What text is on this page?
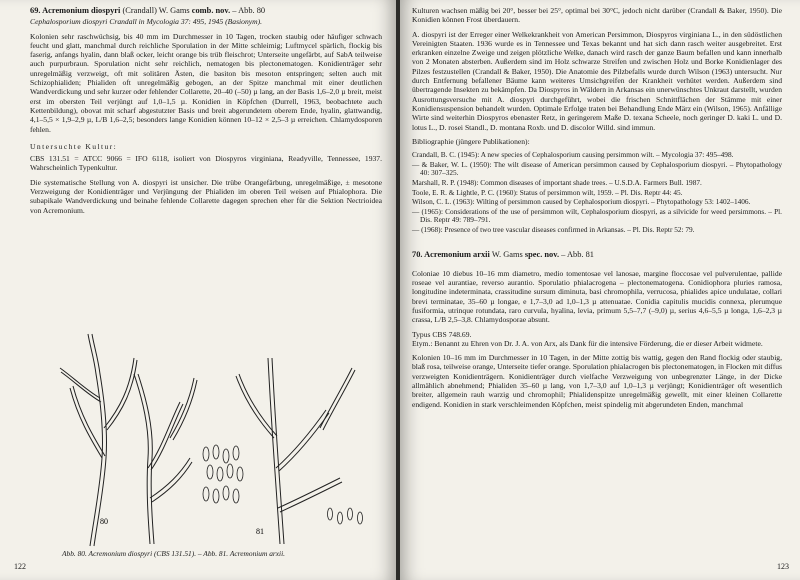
69. Acremonium diospyri (Crandall) W. Gams comb. nov. – Abb. 80
Cephalosporium diospyri Crandall in Mycologia 37: 495, 1945 (Basionym).
Kolonien sehr raschwüchsig, bis 40 mm im Durchmesser in 10 Tagen, trocken staubig oder häufiger schwach feucht und glatt, manchmal durch reichliche Sporulation in der Mitte schleimig; Luftmycel spärlich, flockig bis faserig, anfangs hyalin, dann blaß ocker, leicht orange bis trüb fleischrot; Unterseite ungefärbt, auf SabA teilweise auch purpurbraun. Sporulation nicht sehr reichlich, nematogen bis plectonematogen. Konidienträger sehr unregelmäßig verzweigt, oft mit solitären Ästen, die basiton bis mesoton entspringen; selten auch mit Schizophialiden; Phialiden oft unregelmäßig gebogen, an der Spitze manchmal mit einer deutlichen Wandverdickung und sehr kurzer oder fehlender Collarette, 20–40 (–50) µ lang, an der Basis 1,6–2,0 µ breit, meist erst im obersten Teil verjüngt auf 1,0–1,5 µ. Konidien in Köpfchen (Durrell, 1963, beobachtete auch Kettenbildung), obovat mit scharf abgestutzter Basis und breit abgerundetem oberem Ende, hyalin, glattwandig, 4,1–5,5 × 1,9–2,9 µ, L/B 1,6–2,5; besonders lange Konidien können 10–12 × 2,5–3 µ erreichen. Chlamydosporen fehlen.
Untersuchte Kultur:
CBS 131.51 = ATCC 9066 = IFO 6118, isoliert von Diospyros virginiana, Readyville, Tennessee, 1937. Wahrscheinlich Typenkultur.
Die systematische Stellung von A. diospyri ist unsicher. Die trübe Orangefärbung, unregelmäßige, ± mesotone Verzweigung der Konidienträger und Verjüngung der Phialiden im oberen Teil weisen auf Phialophora. Die subapikale Wandverdickung und beinahe fehlende Collarette dagegen sprechen eher für die Sektion Nectrioidea von Acremonium.
80
81
Abb. 80. Acremonium diospyri (CBS 131.51). – Abb. 81. Acremonium arxii.
122
Kulturen wachsen mäßig bei 20°, besser bei 25°, optimal bei 30°C, jedoch nicht darüber (Crandall & Baker, 1950). Die Konidien können Frost überdauern.
A. diospyri ist der Erreger einer Welkekrankheit von American Persimmon, Diospyros virginiana L., in den südöstlichen Vereinigten Staaten. 1936 wurde es in Tennessee und Texas bekannt und hat sich dann rasch weiter ausgebreitet. Erst erkranken einzelne Zweige und zeigen plötzliche Welke, danach wird rasch der ganze Baum befallen und kann innerhalb von 2 Monaten absterben. Außerdem sind im Holz schwarze Streifen und zwischen Holz und Borke Konidienlager des Pilzes festzustellen (Crandall & Baker, 1950). Die Anatomie des Pilzbefalls wurde durch Wilson (1963) untersucht. Nur durch Entfernung befallener Bäume kann weiteres Umsichgreifen der Krankheit verhütet werden. Außerdem sind übertragende Insekten zu bekämpfen. Da Diospyros in Wäldern in Arkansas ein unerwünschtes Unkraut darstellt, wurden Ausrottungsversuche mit A. diospyri durchgeführt, wobei die frischen Schnittflächen der Stämme mit einer Konidiensuspension behandelt wurden. Optimale Erfolge traten bei Behandlung Ende März ein (Wilson, 1965). Anfällige Wirte sind weiterhin Diospyros ebenaster Retz, in geringerem Maße D. texana Scheele, noch geringer D. kaki L. und D. lotus L., D. rosei Standl., D. montana Roxb. und D. discolor Willd. sind immun.
Bibliographie (jüngere Publikationen):
Crandall, B. C. (1945): A new species of Cephalosporium causing persimmon wilt. – Mycologia 37: 495–498.
— & Baker, W. L. (1950): The wilt disease of American persimmon caused by Cephalosporium diospyri. – Phytopathology 40: 307–325.
Marshall, R. P. (1948): Common diseases of important shade trees. – U.S.D.A. Farmers Bull. 1987.
Toole, E. R. & Lightle, P. C. (1960): Status of persimmon wilt, 1959. – Pl. Dis. Reptr 44: 45.
Wilson, C. L. (1963): Wilting of persimmon caused by Cephalosporium diospyri. – Phytopathology 53: 1402–1406.
— (1965): Considerations of the use of persimmon wilt, Cephalosporium diospyri, as a silvicide for weed persimmons. – Pl. Dis. Reptr 49: 789–791.
— (1968): Presence of two tree vascular diseases confirmed in Arkansas. – Pl. Dis. Reptr 52: 79.
70. Acremonium arxii W. Gams spec. nov. – Abb. 81
Coloniae 10 diebus 10–16 mm diametro, medio tomentosae vel lanosae, margine floccosae vel pulverulentae, pallide roseae vel aurantiae, reverso aurantio. Sporulatio phialacrogena – plectonematogena. Conidiophora pluries ramosa, longitudine indeterminata, crassitudine sursum diminuta, basi chromophila, verrucosa, phialides apice undulatae, collari brevi terminatae, 35–60 µ longae, e 1,7–3,0 ad 1,0–1,3 µ attenuatae. Conidia capitulis mucidis connexa, plerumque fusiformia, utrinque rotundata, raro curvula, hyalina, levia, primum 5,5–7,7 (–9,0) µ, serius 4,6–5,5 µ longa, 1,6–2,3 µ crassa, L/B 2,5–3,8. Chlamydosporae absunt.
Typus CBS 748.69.
Etym.: Benannt zu Ehren von Dr. J. A. von Arx, als Dank für die intensive Förderung, die er dieser Arbeit widmete.
Kolonien 10–16 mm im Durchmesser in 10 Tagen, in der Mitte zottig bis wattig, gegen den Rand flockig oder staubig, blaß rosa, teilweise orange, Unterseite tiefer orange. Sporulation phialacrogen bis plectonematogen, in Flocken mit diffus verzweigten Konidienträgern. Konidienträger durch vielfache Verzweigung von unbegrenzter Länge, in der Dicke allmählich abnehmend; Phialiden 35–60 µ lang, von 1,7–3,0 auf 1,0–1,3 µ verjüngt; Konidienträger oft wesentlich breiter, allgemein rauh warzig und chromophil; Phialidenspitze unregelmäßig gewellt, mit einer kleinen Collarette endigend. Konidien in stark verschleimenden Köpfchen, meist spindelig mit abgerundeten Enden, manchmal
123
